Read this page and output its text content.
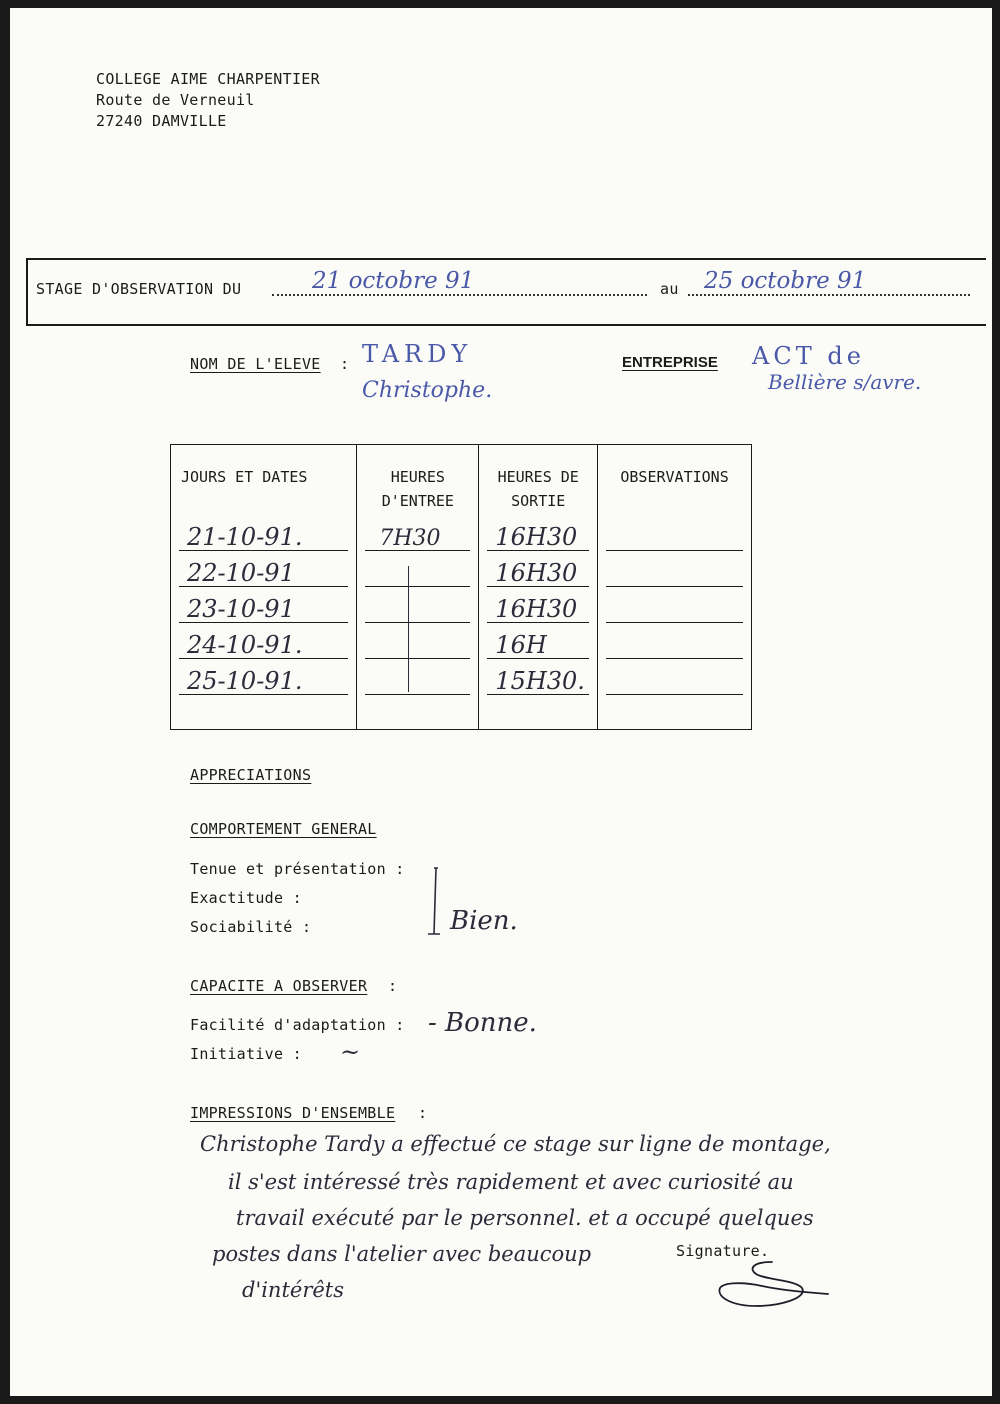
COLLEGE AIME CHARPENTIER
Route de Verneuil
27240 DAMVILLE
STAGE D'OBSERVATION DU	21 octobre 91	au 25 octobre 91
NOM DE L'ELEVE : TARDY
Christophe.
ENTREPRISE ACT de
Bellière s/avre.
JOURS ET DATES	HEURES D'ENTREE	HEURES DE SORTIE	OBSERVATIONS

21-10-91.	7H30	16H30	

22-10-91		16H30	

23-10-91		16H30	

24-10-91.		16H	

25-10-91.		15H30.	

APPRECIATIONS
COMPORTEMENT GENERAL
Tenue et présentation :
Exactitude :
Sociabilité :	Bien.
CAPACITE A OBSERVER :
Facilité d'adaptation : - Bonne.
Initiative : ~
IMPRESSIONS D'ENSEMBLE :
Christophe Tardy a effectué ce stage sur ligne de montage,
il s'est intéressé très rapidement et avec curiosité au
travail exécuté par le personnel. et a occupé quelques
postes dans l'atelier avec beaucoup
d'intérêts
Signature.
